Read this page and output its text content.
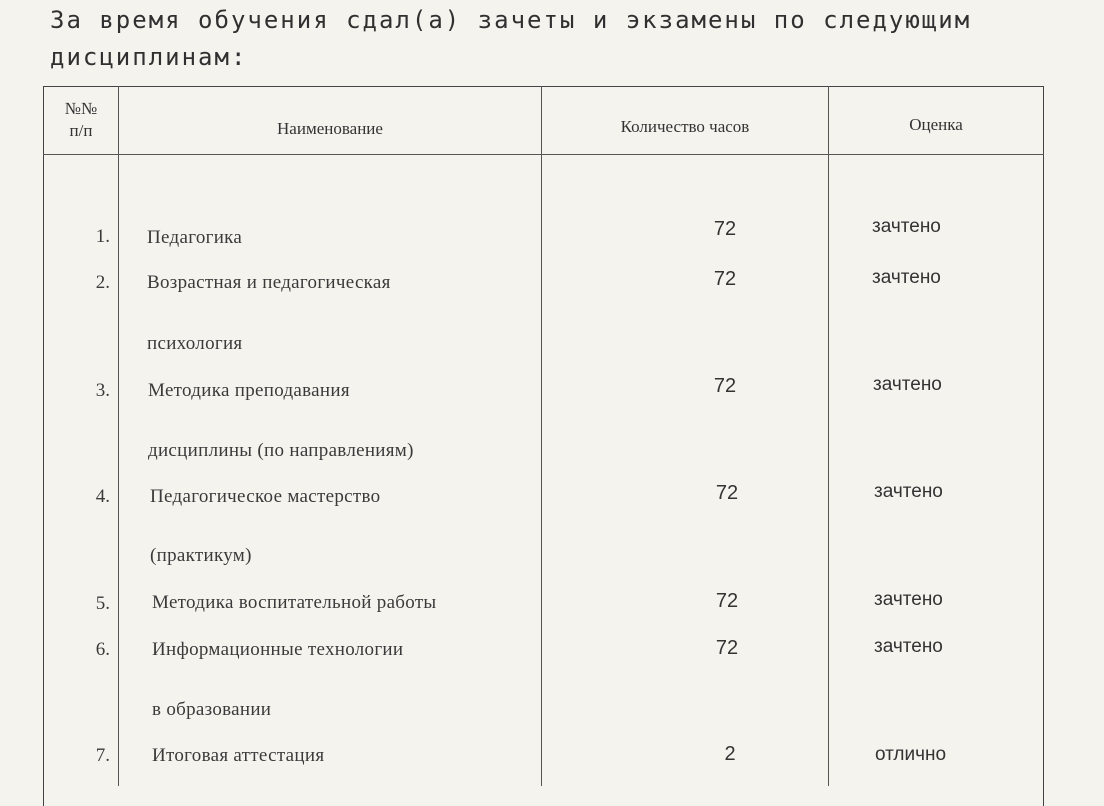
За время обучения сдал(а) зачеты и экзамены по следующим
дисциплинам:
№№
п/п	Наименование	Количество часов	Оценка
1. Педагогика	72	зачтено
2. Возрастная и педагогическая
психология
72	зачтено
3. Методика преподавания
дисциплины (по направлениям)
72	зачтено
4. Педагогическое мастерство
(практикум)
72	зачтено
5. Методика воспитательной работы	72	зачтено
6. Информационные технологии
в образовании
72	зачтено
7. Итоговая аттестация	2	отлично
